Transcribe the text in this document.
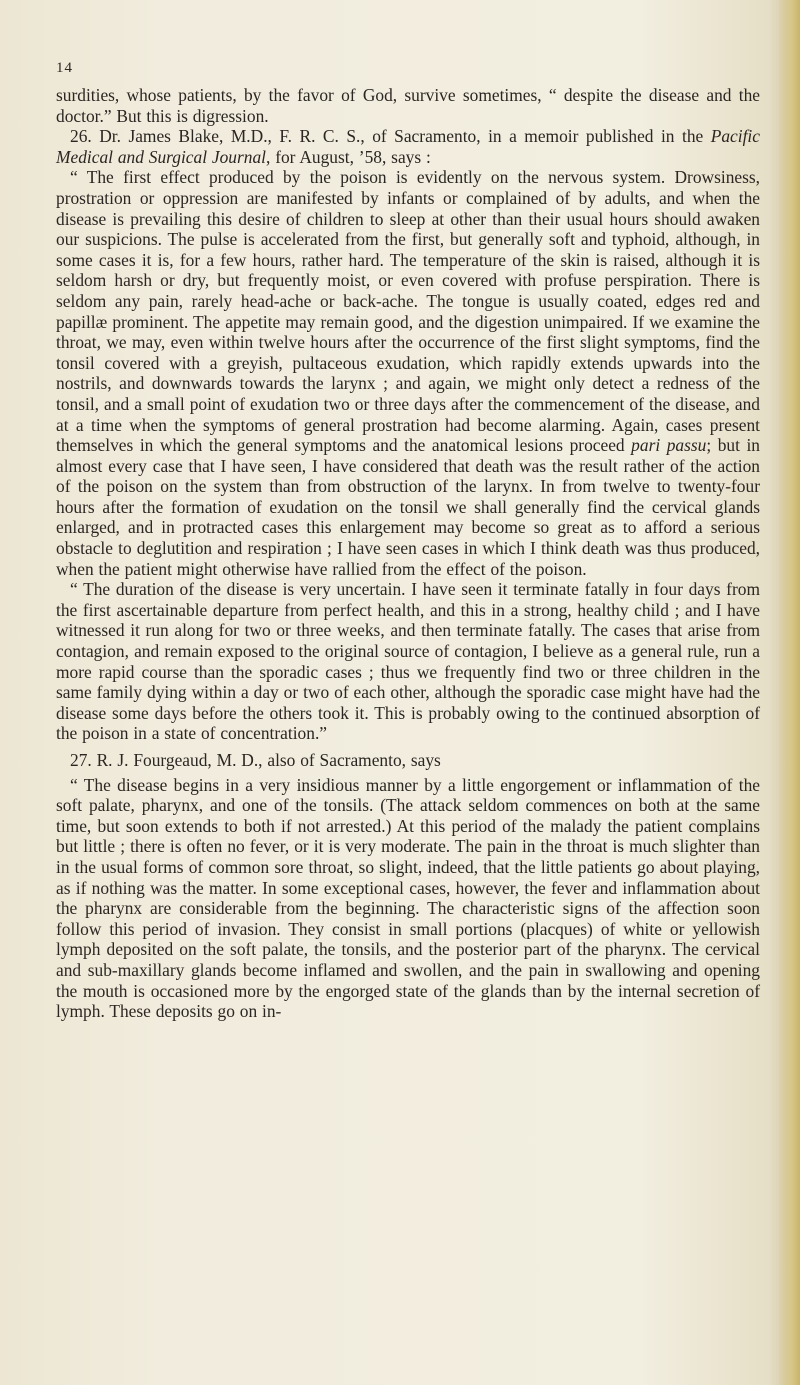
14

surdities, whose patients, by the favor of God, survive sometimes, “ despite the disease and the doctor.” But this is digression.

26. Dr. James Blake, M.D., F. R. C. S., of Sacramento, in a memoir published in the Pacific Medical and Surgical Journal, for August, ’58, says :

“ The first effect produced by the poison is evidently on the nervous system. Drowsiness, prostration or oppression are manifested by infants or complained of by adults, and when the disease is prevailing this desire of children to sleep at other than their usual hours should awaken our suspicions. The pulse is accelerated from the first, but generally soft and typhoid, although, in some cases it is, for a few hours, rather hard. The temperature of the skin is raised, although it is seldom harsh or dry, but frequently moist, or even covered with profuse perspiration. There is seldom any pain, rarely head-ache or back-ache. The tongue is usually coated, edges red and papillæ prominent. The appetite may remain good, and the digestion unimpaired. If we examine the throat, we may, even within twelve hours after the occurrence of the first slight symptoms, find the tonsil covered with a greyish, pultaceous exudation, which rapidly extends upwards into the nostrils, and downwards towards the larynx ; and again, we might only detect a redness of the tonsil, and a small point of exudation two or three days after the commencement of the disease, and at a time when the symptoms of general prostration had become alarming. Again, cases present themselves in which the general symptoms and the anatomical lesions proceed pari passu; but in almost every case that I have seen, I have considered that death was the result rather of the action of the poison on the system than from obstruction of the larynx. In from twelve to twenty-four hours after the formation of exudation on the tonsil we shall generally find the cervical glands enlarged, and in protracted cases this enlargement may become so great as to afford a serious obstacle to deglutition and respiration ; I have seen cases in which I think death was thus produced, when the patient might otherwise have rallied from the effect of the poison.

“ The duration of the disease is very uncertain. I have seen it terminate fatally in four days from the first ascertainable departure from perfect health, and this in a strong, healthy child ; and I have witnessed it run along for two or three weeks, and then terminate fatally. The cases that arise from contagion, and remain exposed to the original source of contagion, I believe as a general rule, run a more rapid course than the sporadic cases ; thus we frequently find two or three children in the same family dying within a day or two of each other, although the sporadic case might have had the disease some days before the others took it. This is probably owing to the continued absorption of the poison in a state of concentration.”

27. R. J. Fourgeaud, M. D., also of Sacramento, says

“ The disease begins in a very insidious manner by a little engorgement or inflammation of the soft palate, pharynx, and one of the tonsils. (The attack seldom commences on both at the same time, but soon extends to both if not arrested.) At this period of the malady the patient complains but little ; there is often no fever, or it is very moderate. The pain in the throat is much slighter than in the usual forms of common sore throat, so slight, indeed, that the little patients go about playing, as if nothing was the matter. In some exceptional cases, however, the fever and inflammation about the pharynx are considerable from the beginning. The characteristic signs of the affection soon follow this period of invasion. They consist in small portions (placques) of white or yellowish lymph deposited on the soft palate, the tonsils, and the posterior part of the pharynx. The cervical and sub-maxillary glands become inflamed and swollen, and the pain in swallowing and opening the mouth is occasioned more by the engorged state of the glands than by the internal secretion of lymph. These deposits go on in-
